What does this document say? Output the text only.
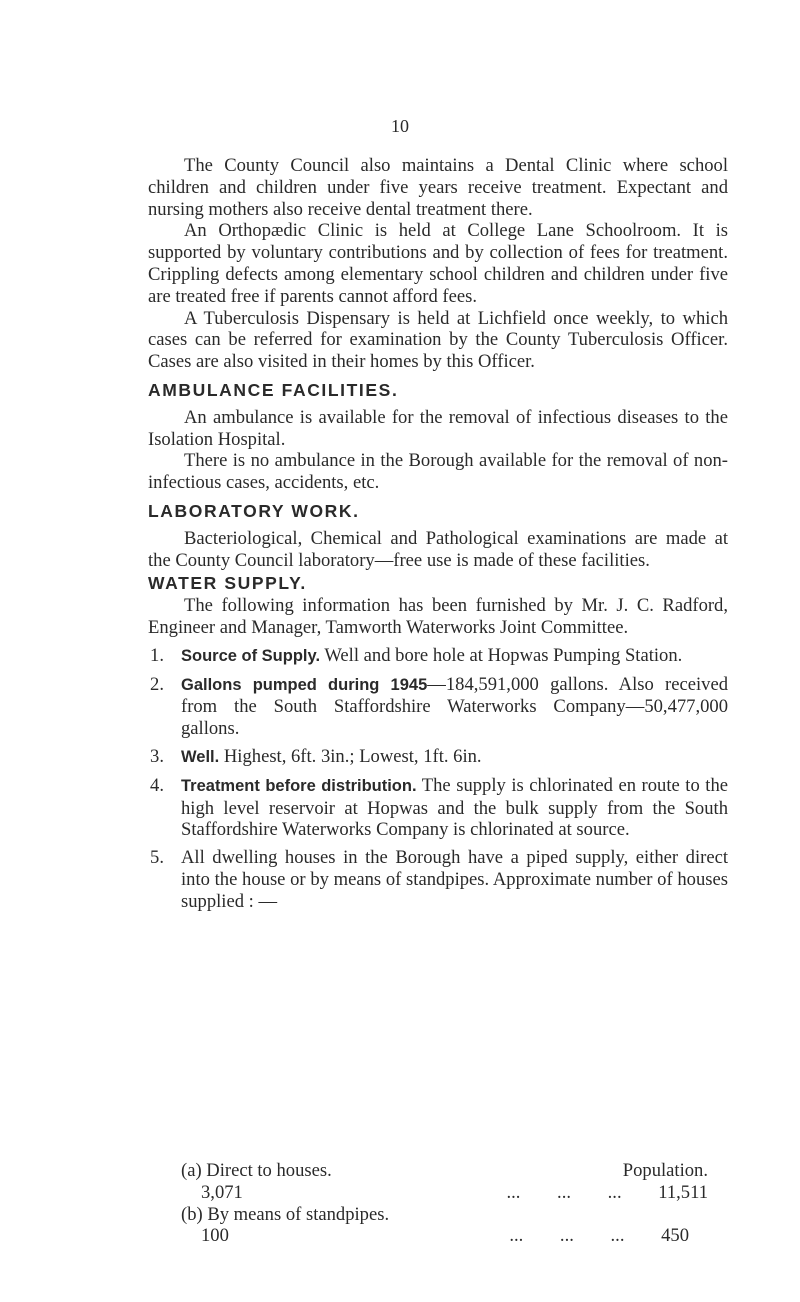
10

The County Council also maintains a Dental Clinic where school children and children under five years receive treatment. Expectant and nursing mothers also receive dental treatment there.

An Orthopædic Clinic is held at College Lane Schoolroom. It is supported by voluntary contributions and by collection of fees for treatment. Crippling defects among elementary school children and children under five are treated free if parents cannot afford fees.

A Tuberculosis Dispensary is held at Lichfield once weekly, to which cases can be referred for examination by the County Tuberculosis Officer. Cases are also visited in their homes by this Officer.

AMBULANCE FACILITIES.

An ambulance is available for the removal of infectious diseases to the Isolation Hospital.

There is no ambulance in the Borough available for the removal of non-infectious cases, accidents, etc.

LABORATORY WORK.

Bacteriological, Chemical and Pathological examinations are made at the County Council laboratory—free use is made of these facilities.

WATER SUPPLY.

The following information has been furnished by Mr. J. C. Radford, Engineer and Manager, Tamworth Waterworks Joint Committee.

1 . Source of Supply. Well and bore hole at Hopwas Pumping Station.
2 . Gallons pumped during 1945—184,591,000 gallons. Also received from the South Staffordshire Waterworks Company—50,477,000 gallons.
3 . Well. Highest, 6ft. 3in.; Lowest, 1ft. 6in.
4 . Treatment before distribution. The supply is chlorinated en route to the high level reservoir at Hopwas and the bulk supply from the South Staffordshire Waterworks Company is chlorinated at source.
5 . All dwelling houses in the Borough have a piped supply, either direct into the house or by means of standpipes. Approximate number of houses supplied : —
(a) Direct to houses.	Population.
3,071	... ... ... 11,511
(b) By means of standpipes.
100	... ... ... 450
